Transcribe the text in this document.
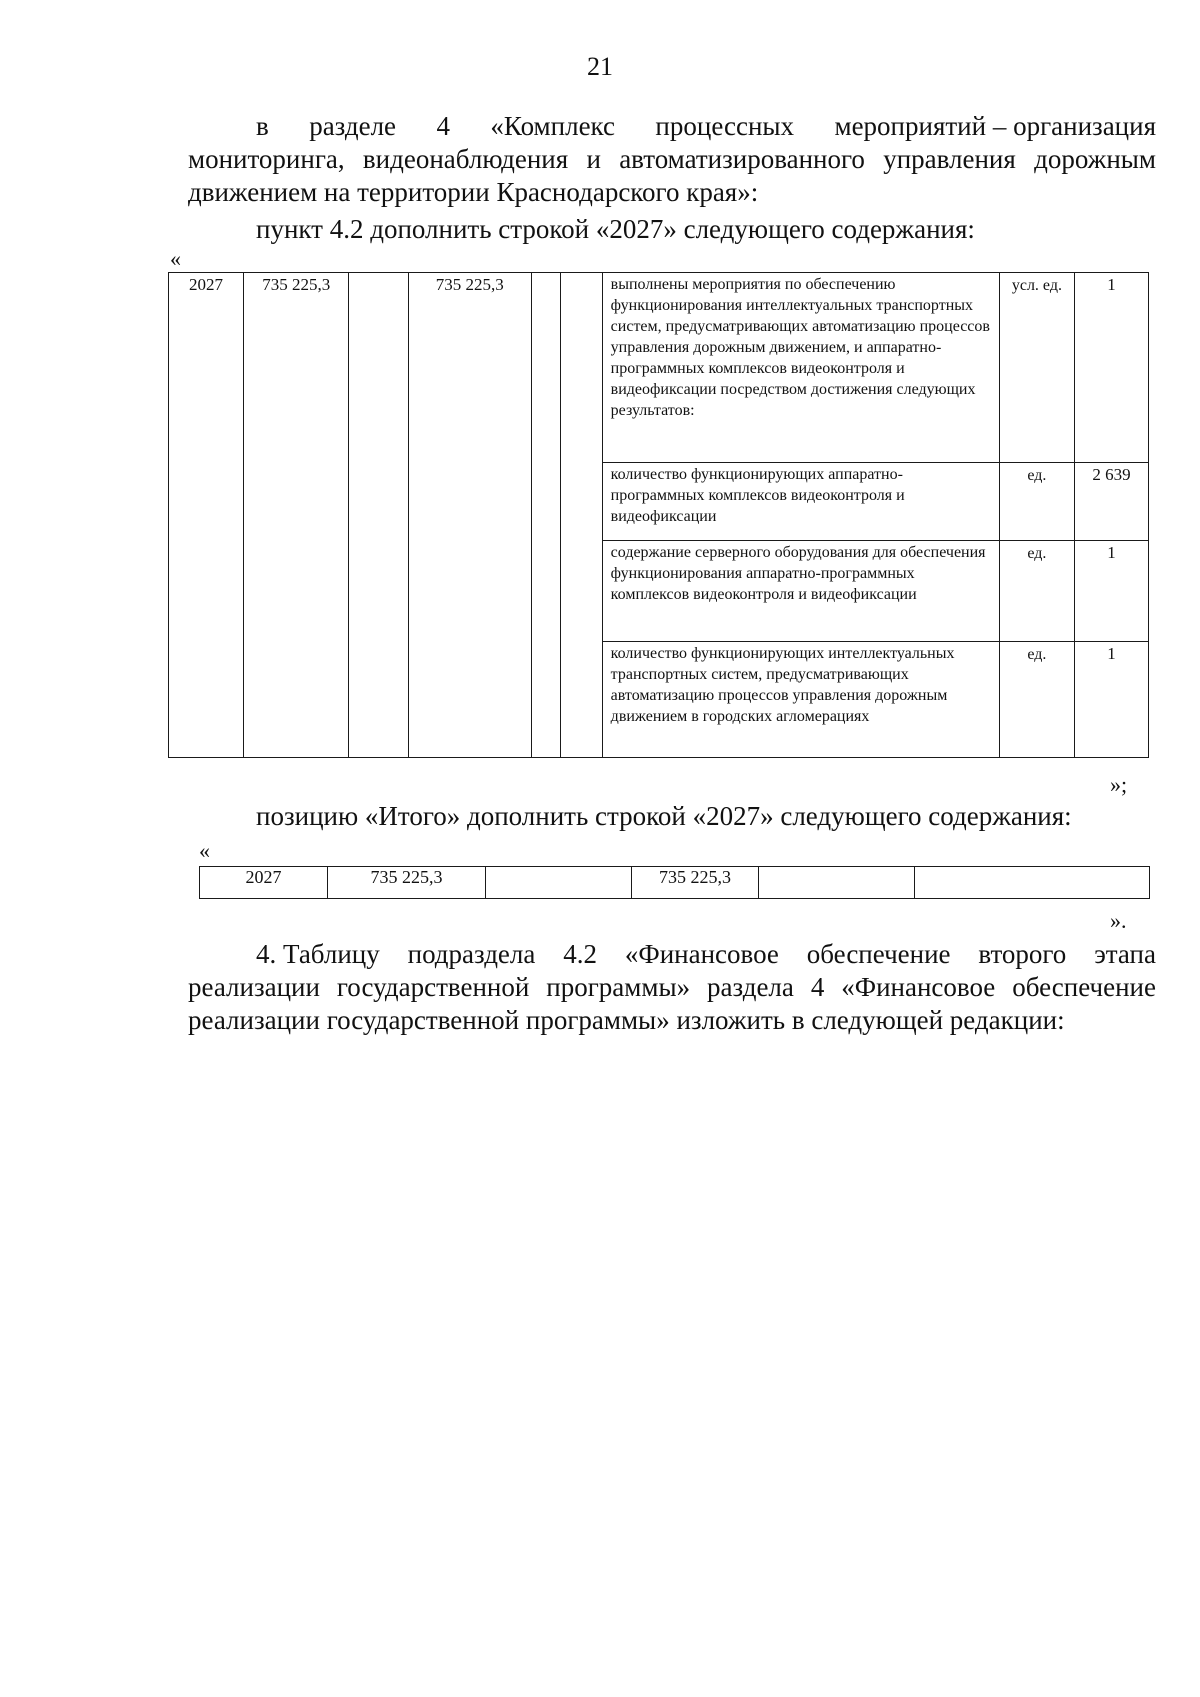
21
в разделе 4 «Комплекс процессных мероприятий – организация
мониторинга, видеонаблюдения и автоматизированного управления дорожным
движением на территории Краснодарского края»:
пункт 4.2 дополнить строкой «2027» следующего содержания:
«
2027	735 225,3		735 225,3			выполнены мероприятия по обеспечению функционирования интеллектуальных транспортных систем, предусматривающих автоматизацию процессов управления дорожным движением, и аппаратно-программных комплексов видеоконтроля и видеофиксации посредством достижения следующих результатов:	усл. ед.	1
						количество функционирующих аппаратно-программных комплексов видеоконтроля и видеофиксации	ед.	2 639
						содержание серверного оборудования для обеспечения функционирования аппаратно-программных комплексов видеоконтроля и видеофиксации	ед.	1
						количество функционирующих интеллектуальных транспортных систем, предусматривающих автоматизацию процессов управления дорожным движением в городских агломерациях	ед.	1
»;
позицию «Итого» дополнить строкой «2027» следующего содержания:
«
2027	735 225,3		735 225,3		
».
4. Таблицу подраздела 4.2 «Финансовое обеспечение второго этапа
реализации государственной программы» раздела 4 «Финансовое обеспечение
реализации государственной программы» изложить в следующей редакции:
